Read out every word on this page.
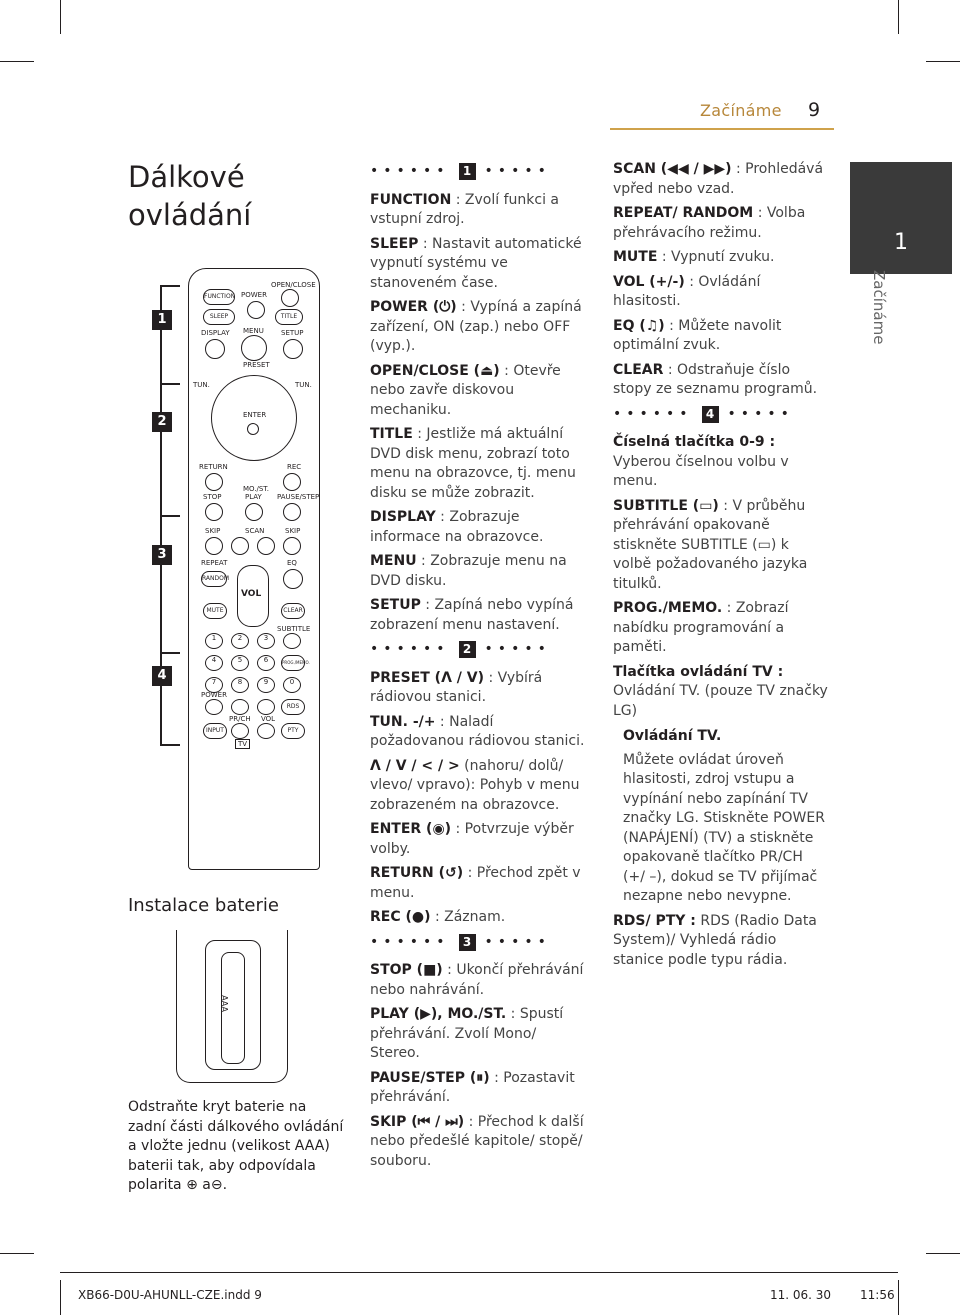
Začínáme 9
Dálkové
ovládání
1
Začínáme
1
2
3
4
OPEN/CLOSE
FUNCTION POWER
SLEEP	TITLE
DISPLAY MENU SETUP
PRESET
TUN.	TUN.
ENTER
RETURN	REC
MO./ST.
STOP	PLAY PAUSE/STEP
SKIP	SCAN	SKIP
REPEAT	EQ
RANDOM
VOL
MUTE	CLEAR
SUBTITLE
1	2	3
4	5	6	PROG./MEMO.
7	8	9	0
POWER
RDS
PR/CH VOL
INPUT	PTY
TV
Instalace baterie
AAA
Odstraňte kryt baterie na zadní části dálkového ovládání a vložte jednu (velikost AAA) baterii tak, aby odpovídala polarita ⊕ a⊖.
••••••	1 •••••

FUNCTION : Zvolí funkci a vstupní zdroj.

SLEEP : Nastavit automatické vypnutí systému ve stanoveném čase.

POWER (⏻) : Vypíná a zapíná zařízení, ON (zap.) nebo OFF (vyp.).

OPEN/CLOSE (⏏) : Otevře nebo zavře diskovou mechaniku.

TITLE : Jestliže má aktuální DVD disk menu, zobrazí toto menu na obrazovce, tj. menu disku se může zobrazit.

DISPLAY : Zobrazuje informace na obrazovce.

MENU : Zobrazuje menu na DVD disku.

SETUP : Zapíná nebo vypíná zobrazení menu nastavení.

••••••	2 •••••

PRESET (Λ / V) : Vybírá rádiovou stanici.

TUN. -/+ : Naladí požadovanou rádiovou stanici.

Λ / V / < / > (nahoru/ dolů/ vlevo/ vpravo): Pohyb v menu zobrazeném na obrazovce.

ENTER (◉) : Potvrzuje výběr volby.

RETURN (↺) : Přechod zpět v menu.

REC (●) : Záznam.

••••••	3 •••••

STOP (■) : Ukončí přehrávání nebo nahrávání.

PLAY (▶), MO./ST. : Spustí přehrávání. Zvolí Mono/ Stereo.

PAUSE/STEP (⏸) : Pozastavit přehrávání.

SKIP (⏮ / ⏭) : Přechod k další nebo předešlé kapitole/ stopě/ souboru.

SCAN (◀◀ / ▶▶) : Prohledává vpřed nebo vzad.

REPEAT/ RANDOM : Volba přehrávacího režimu.

MUTE : Vypnutí zvuku.

VOL (+/-) : Ovládání hlasitosti.

EQ (♫) : Můžete navolit optimální zvuk.

CLEAR : Odstraňuje číslo stopy ze seznamu programů.

••••••	4 •••••

Číselná tlačítka 0-9 : Vyberou číselnou volbu v menu.

SUBTITLE (▭) : V průběhu přehrávání opakovaně stiskněte SUBTITLE (▭) k volbě požadovaného jazyka titulků.

PROG./MEMO. : Zobrazí nabídku programování a paměti.

Tlačítka ovládání TV : Ovládání TV. (pouze TV značky LG)

Ovládání TV.

Můžete ovládat úroveň hlasitosti, zdroj vstupu a vypínání nebo zapínání TV značky LG. Stiskněte POWER (NAPÁJENÍ) (TV) a stiskněte opakovaně tlačítko PR/CH (+/ –), dokud se TV přijímač nezapne nebo nevypne.

RDS/ PTY : RDS (Radio Data System)/ Vyhledá rádio stanice podle typu rádia.

XB66-D0U-AHUNLL-CZE.indd 9	11. 06. 30 11:56
